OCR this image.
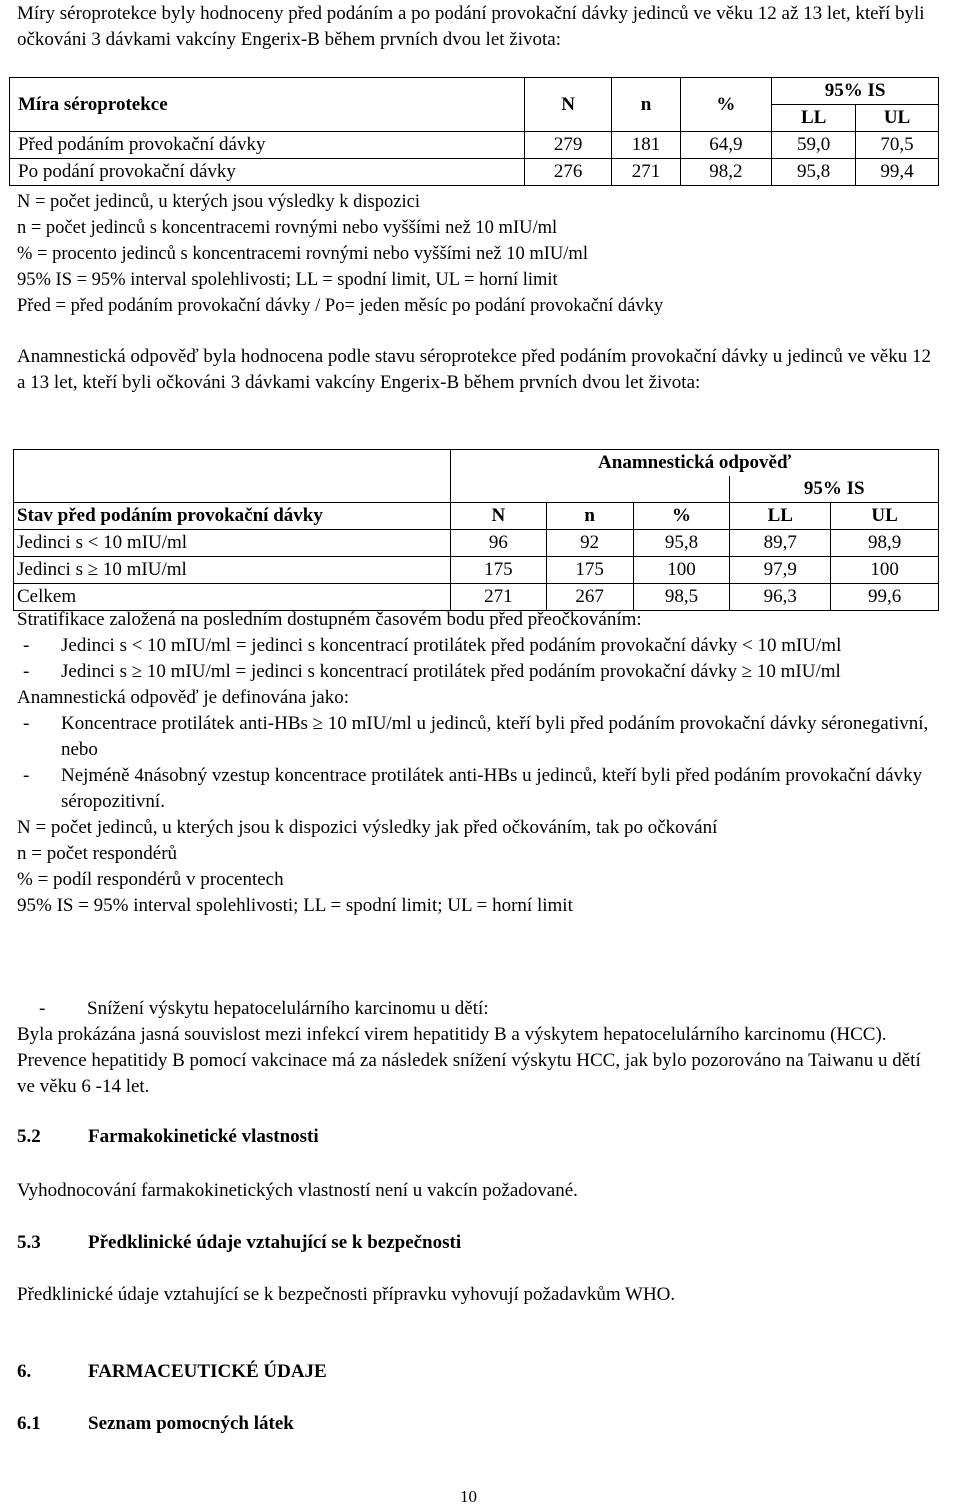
Míry séroprotekce byly hodnoceny před podáním a po podání provokační dávky jedinců ve věku 12 až 13 let, kteří byli očkováni 3 dávkami vakcíny Engerix-B během prvních dvou let života:

Míra séroprotekce	N	n	%	95% IS	
				LL	UL
Před podáním provokační dávky	279	181	64,9	59,0	70,5
Po podání provokační dávky	276	271	98,2	95,8	99,4

N = počet jedinců, u kterých jsou výsledky k dispozici

n = počet jedinců s koncentracemi rovnými nebo vyššími než 10 mIU/ml

% = procento jedinců s koncentracemi rovnými nebo vyššími než 10 mIU/ml

95% IS = 95% interval spolehlivosti; LL = spodní limit, UL = horní limit

Před = před podáním provokační dávky / Po= jeden měsíc po podání provokační dávky

Anamnestická odpověď byla hodnocena podle stavu séroprotekce před podáním provokační dávky u jedinců ve věku 12 a 13 let, kteří byli očkováni 3 dávkami vakcíny Engerix-B během prvních dvou let života:

	Anamnestická odpověď				
				95% IS	
Stav před podáním provokační dávky	N	n	%	LL	UL
Jedinci s < 10 mIU/ml	96	92	95,8	89,7	98,9
Jedinci s ≥ 10 mIU/ml	175	175	100	97,9	100
Celkem	271	267	98,5	96,3	99,6

Stratifikace založená na posledním dostupném časovém bodu před přeočkováním:

-	Jedinci s < 10 mIU/ml = jedinci s koncentrací protilátek před podáním provokační dávky < 10 mIU/ml
-	Jedinci s ≥ 10 mIU/ml = jedinci s koncentrací protilátek před podáním provokační dávky ≥ 10 mIU/ml

Anamnestická odpověď je definována jako:

-	Koncentrace protilátek anti-HBs ≥ 10 mIU/ml u jedinců, kteří byli před podáním provokační dávky séronegativní, nebo
-	Nejméně 4násobný vzestup koncentrace protilátek anti-HBs u jedinců, kteří byli před podáním provokační dávky séropozitivní.

N = počet jedinců, u kterých jsou k dispozici výsledky jak před očkováním, tak po očkování

n = počet respondérů

% = podíl respondérů v procentech

95% IS = 95% interval spolehlivosti; LL = spodní limit; UL = horní limit

-	Snížení výskytu hepatocelulárního karcinomu u dětí:

Byla prokázána jasná souvislost mezi infekcí virem hepatitidy B a výskytem hepatocelulárního karcinomu (HCC). Prevence hepatitidy B pomocí vakcinace má za následek snížení výskytu HCC, jak bylo pozorováno na Taiwanu u dětí ve věku 6 -14 let.

5.2 Farmakokinetické vlastnosti

Vyhodnocování farmakokinetických vlastností není u vakcín požadované.

5.3 Předklinické údaje vztahující se k bezpečnosti

Předklinické údaje vztahující se k bezpečnosti přípravku vyhovují požadavkům WHO.

6.	FARMACEUTICKÉ ÚDAJE
6.1 Seznam pomocných látek
10
